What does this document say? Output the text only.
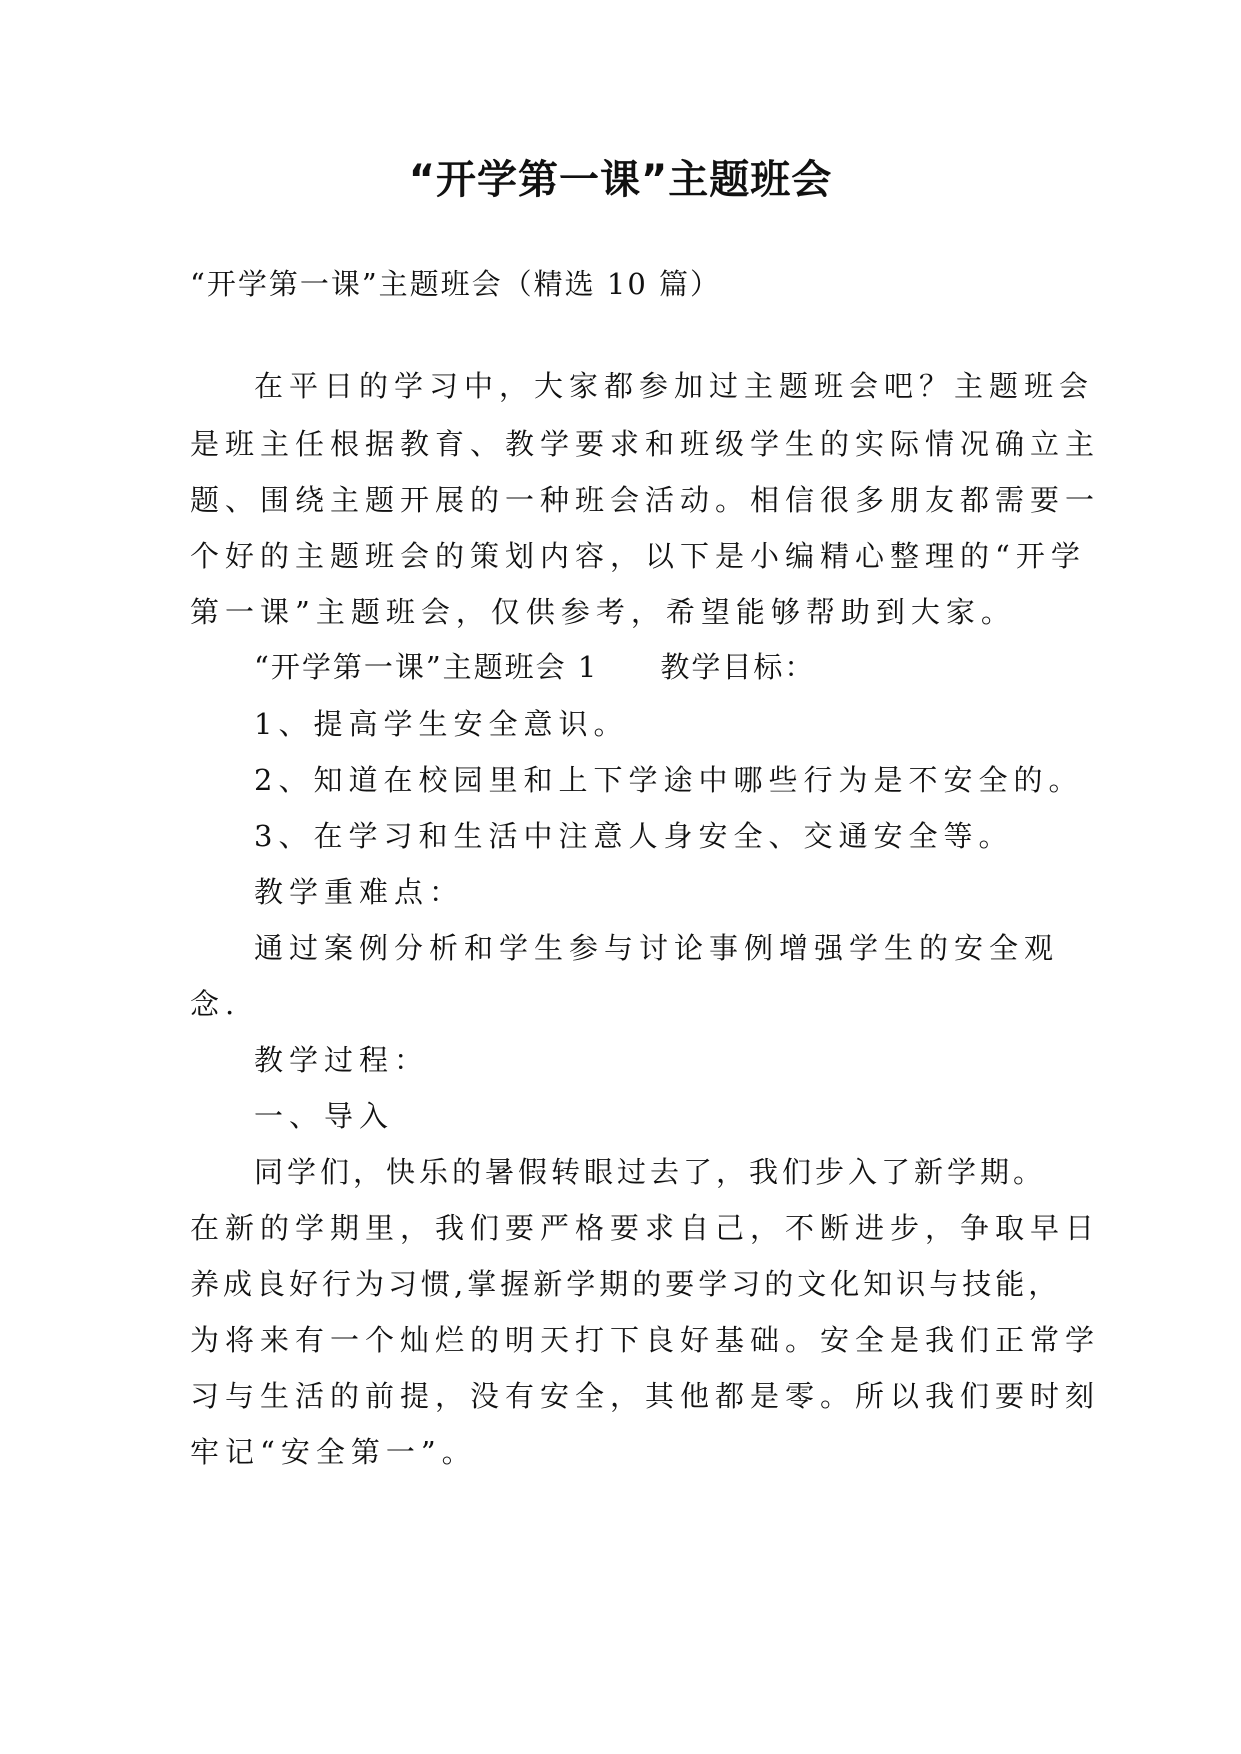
“开学第一课”主题班会
“开学第一课”主题班会（精选 10 篇）
在平日的学习中，大家都参加过主题班会吧？主题班会
是班主任根据教育、教学要求和班级学生的实际情况确立主
题、围绕主题开展的一种班会活动。相信很多朋友都需要一
个好的主题班会的策划内容，以下是小编精心整理的“开学
第一课”主题班会，仅供参考，希望能够帮助到大家。
“开学第一课”主题班会 1　　教学目标：
1、提高学生安全意识。
2、知道在校园里和上下学途中哪些行为是不安全的。
3、在学习和生活中注意人身安全、交通安全等。
教学重难点：
通过案例分析和学生参与讨论事例增强学生的安全观
念.
教学过程：
一、导入
同学们，快乐的暑假转眼过去了，我们步入了新学期。
在新的学期里，我们要严格要求自己，不断进步，争取早日
养成良好行为习惯,掌握新学期的要学习的文化知识与技能，
为将来有一个灿烂的明天打下良好基础。安全是我们正常学
习与生活的前提，没有安全，其他都是零。所以我们要时刻
牢记“安全第一”。
